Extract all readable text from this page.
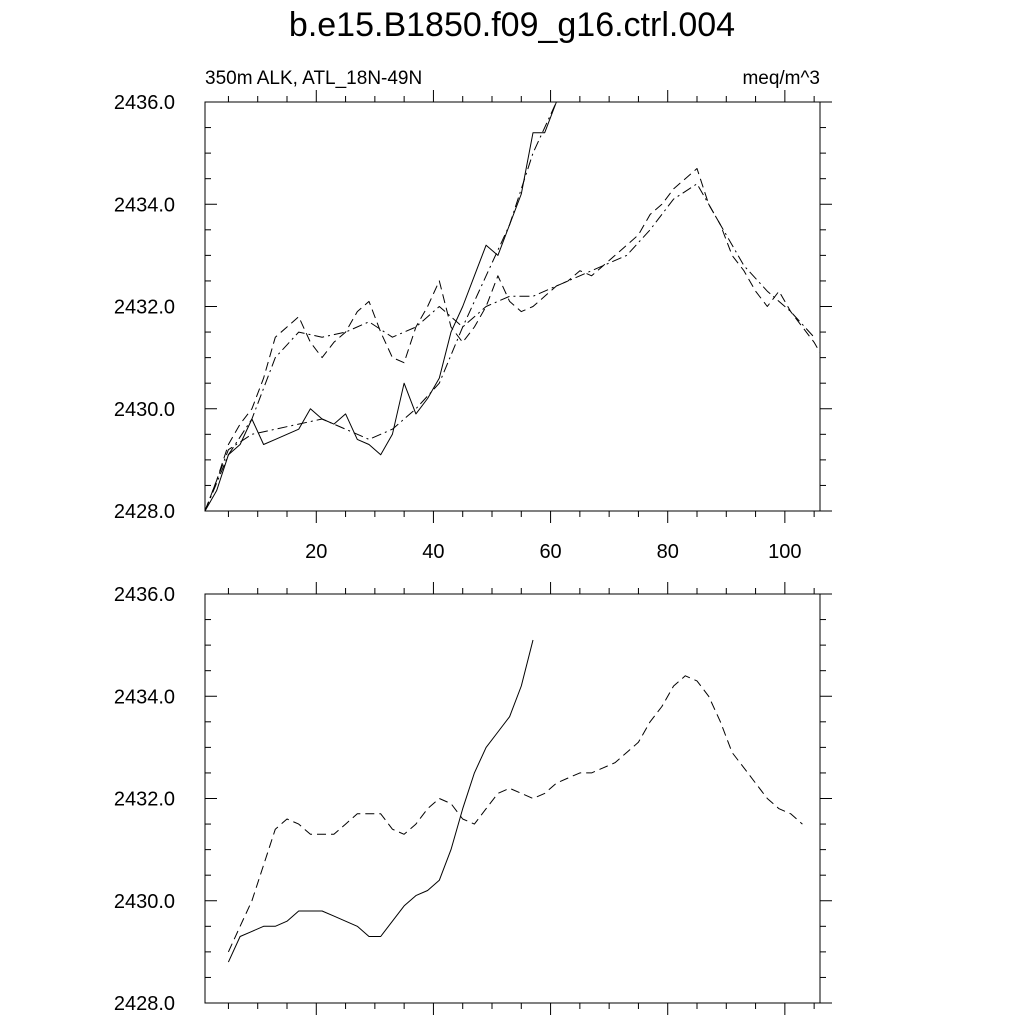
b.e15.B1850.f09_g16.ctrl.004
2428.0
2430.0
2432.0
2434.0
2436.0
20	40	60	80	100
350m ALK, ATL_18N-49N	meq/m^3
2428.0
2430.0
2432.0
2434.0
2436.0
